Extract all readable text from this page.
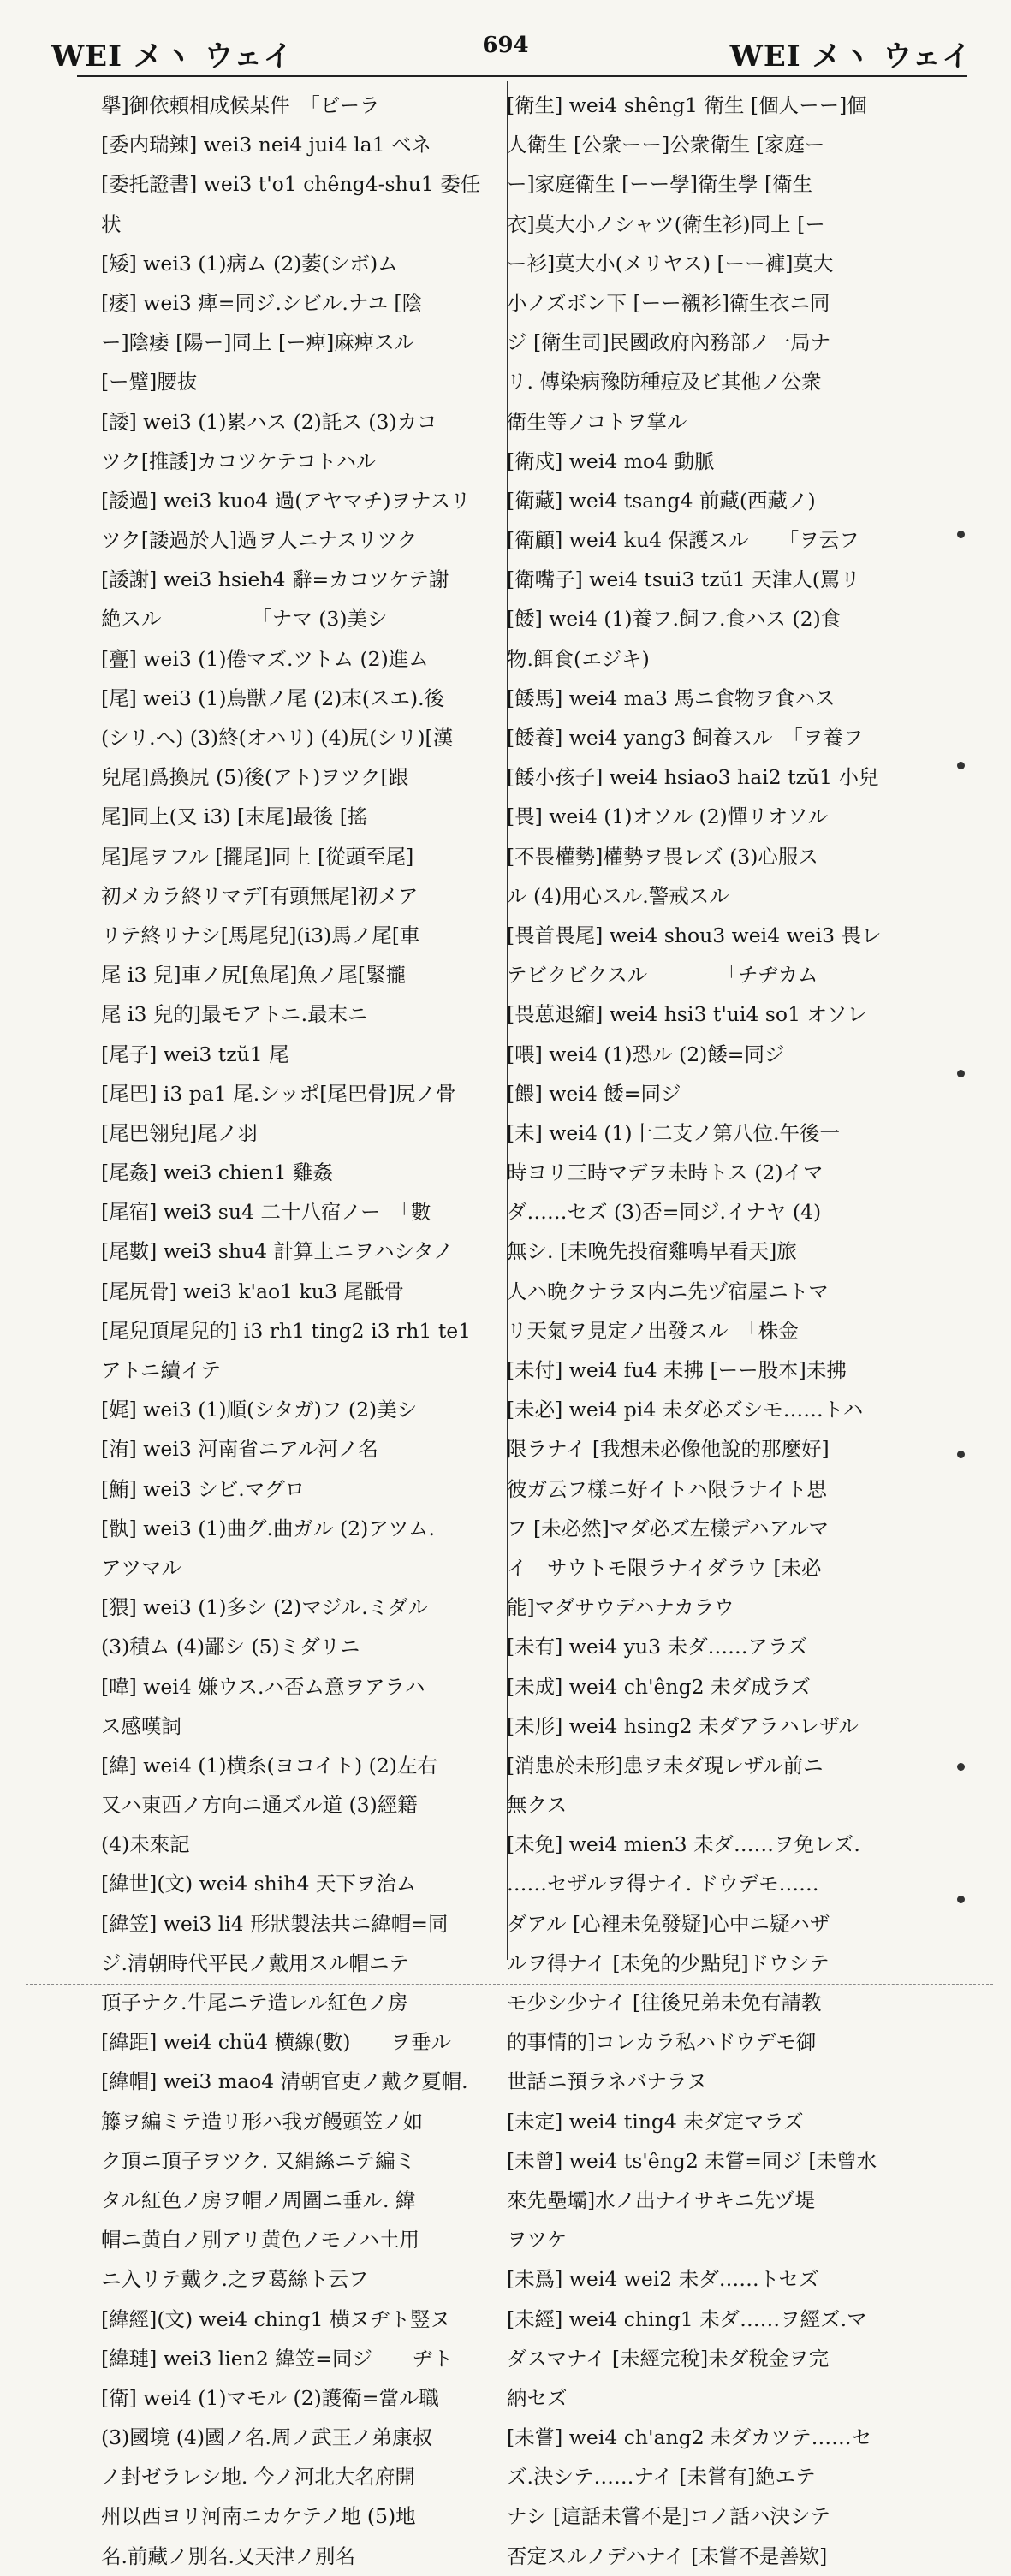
WEI メヽ ウェイ	694	WEI メヽ ウェイ
擧]御依頼相成候某件　「ビーラ
[委内瑞辣] wei3 nei4 jui4 la1 べネ
[委托證書] wei3 t'o1 chêng4-shu1 委任
状
[矮] wei3 (1)病ム (2)萎(シボ)ム
[痿] wei3 痺=同ジ.シビル.ナユ [陰
ー]陰痿 [陽ー]同上 [ー痺]麻痺スル
[ー躄]腰抜
[諉] wei3 (1)累ハス (2)託ス (3)カコ
ツク[推諉]カコツケテコトハル
[諉過] wei3 kuo4 過(アヤマチ)ヲナスリ
ツク[諉過於人]過ヲ人ニナスリツク
[諉謝] wei3 hsieh4 辭=カコツケテ謝
絶スル　　　　　「ナマ (3)美シ
[亹] wei3 (1)倦マズ.ツトム (2)進ム
[尾] wei3 (1)鳥獣ノ尾 (2)末(スエ).後
(シリ.ヘ) (3)終(オハリ) (4)尻(シリ)[漢
兒尾]爲換尻 (5)後(アト)ヲツク[跟
尾]同上(又 i3) [末尾]最後 [搖
尾]尾ヲフル [擺尾]同上 [從頭至尾]
初メカラ終リマデ[有頭無尾]初メア
リテ終リナシ[馬尾兒](i3)馬ノ尾[車
尾 i3 兒]車ノ尻[魚尾]魚ノ尾[緊攏
尾 i3 兒的]最モアトニ.最末ニ
[尾子] wei3 tzŭ1 尾
[尾巴] i3 pa1 尾.シッポ[尾巴骨]尻ノ骨
[尾巴翎兒]尾ノ羽
[尾姦] wei3 chien1 雞姦
[尾宿] wei3 su4 二十八宿ノー　「數
[尾數] wei3 shu4 計算上ニヲハシタノ
[尾尻骨] wei3 k'ao1 ku3 尾骶骨
[尾兒頂尾兒的] i3 rh1 ting2 i3 rh1 te1
アトニ續イテ
[娓] wei3 (1)順(シタガ)フ (2)美シ
[洧] wei3 河南省ニアル河ノ名
[鮪] wei3 シビ.マグロ
[骫] wei3 (1)曲グ.曲ガル (2)アツム.
アツマル
[猥] wei3 (1)多シ (2)マジル.ミダル
(3)積ム (4)鄙シ (5)ミダリニ
[喡] wei4 嫌ウス.ハ否ム意ヲアラハ
ス感嘆詞
[緯] wei4 (1)横糸(ヨコイト) (2)左右
又ハ東西ノ方向ニ通ズル道 (3)經籍
(4)未來記
[緯世](文) wei4 shih4 天下ヲ治ム
[緯笠] wei3 li4 形狀製法共ニ緯帽=同
ジ.清朝時代平民ノ戴用スル帽ニテ
頂子ナク.牛尾ニテ造レル紅色ノ房
[緯距] wei4 chü4 横線(數)　　ヲ垂ル
[緯帽] wei3 mao4 清朝官吏ノ戴ク夏帽.
籐ヲ編ミテ造リ形ハ我ガ饅頭笠ノ如
ク頂ニ頂子ヲツク. 又絹絲ニテ編ミ
タル紅色ノ房ヲ帽ノ周圍ニ垂ル. 緯
帽ニ黄白ノ別アリ黄色ノモノハ土用
ニ入リテ戴ク.之ヲ葛絲ト云フ
[緯經](文) wei4 ching1 横ヌヂト竪ヌ
[緯璉] wei3 lien2 緯笠=同ジ　　ヂト
[衛] wei4 (1)マモル (2)護衛=當ル職
(3)國境 (4)國ノ名.周ノ武王ノ弟康叔
ノ封ゼラレシ地. 今ノ河北大名府開
州以西ヨリ河南ニカケテノ地 (5)地
名.前藏ノ別名.又天津ノ別名
[衛生] wei4 shêng1 衛生 [個人ーー]個
人衛生 [公衆ーー]公衆衛生 [家庭ー
ー]家庭衛生 [ーー學]衛生學 [衛生
衣]莫大小ノシャツ(衛生衫)同上 [ー
ー衫]莫大小(メリヤス) [ーー褲]莫大
小ノズボン下 [ーー襯衫]衛生衣ニ同
ジ [衛生司]民國政府內務部ノ一局ナ
リ. 傳染病豫防種痘及ビ其他ノ公衆
衛生等ノコトヲ掌ル
[衛戍] wei4 mo4 動脈
[衛藏] wei4 tsang4 前藏(西藏ノ)
[衛顧] wei4 ku4 保護スル　　「ヲ云フ
[衛嘴子] wei4 tsui3 tzŭ1 天津人(罵リ
[餧] wei4 (1)養フ.飼フ.食ハス (2)食
物.餌食(エジキ)
[餧馬] wei4 ma3 馬ニ食物ヲ食ハス
[餧養] wei4 yang3 飼養スル　「ヲ養フ
[餧小孩子] wei4 hsiao3 hai2 tzŭ1 小兒
[畏] wei4 (1)オソル (2)憚リオソル
[不畏權勢]權勢ヲ畏レズ (3)心服ス
ル (4)用心スル.警戒スル
[畏首畏尾] wei4 shou3 wei4 wei3 畏レ
テビクビクスル　　　　「チヂカム
[畏葸退縮] wei4 hsi3 t'ui4 so1 オソレ
[喂] wei4 (1)恐ル (2)餧=同ジ
[餵] wei4 餧=同ジ
[未] wei4 (1)十二支ノ第八位.午後一
時ヨリ三時マデヲ未時トス (2)イマ
ダ……セズ (3)否=同ジ.イナヤ (4)
無シ. [未晩先投宿雞鳴早看天]旅
人ハ晩クナラヌ内ニ先ヅ宿屋ニトマ
リ天氣ヲ見定ノ出發スル　「株金
[未付] wei4 fu4 未拂 [ーー股本]未拂
[未必] wei4 pi4 未ダ必ズシモ……トハ
限ラナイ [我想未必像他說的那麼好]
彼ガ云フ樣ニ好イトハ限ラナイト思
フ [未必然]マダ必ズ左樣デハアルマ
イ　サウトモ限ラナイダラウ [未必
能]マダサウデハナカラウ
[未有] wei4 yu3 未ダ……アラズ
[未成] wei4 ch'êng2 未ダ成ラズ
[未形] wei4 hsing2 未ダアラハレザル
[消患於未形]患ヲ未ダ現レザル前ニ
無クス
[未免] wei4 mien3 未ダ……ヲ免レズ.
……セザルヲ得ナイ. ドウデモ……
ダアル [心裡未免發疑]心中ニ疑ハザ
ルヲ得ナイ [未免的少點兒]ドウシテ
モ少シ少ナイ [往後兄弟未免有請教
的事情的]コレカラ私ハドウデモ御
世話ニ預ラネバナラヌ
[未定] wei4 ting4 未ダ定マラズ
[未曾] wei4 ts'êng2 未嘗=同ジ [未曾水
來先壘壩]水ノ出ナイサキニ先ヅ堤
ヲツケ
[未爲] wei4 wei2 未ダ……トセズ
[未經] wei4 ching1 未ダ……ヲ經ズ.マ
ダスマナイ [未經完稅]未ダ稅金ヲ完
納セズ
[未嘗] wei4 ch'ang2 未ダカツテ……セ
ズ.決シテ……ナイ [未嘗有]絶エテ
ナシ [這話未嘗不是]コノ話ハ決シテ
否定スルノデハナイ [未嘗不是善欵]
